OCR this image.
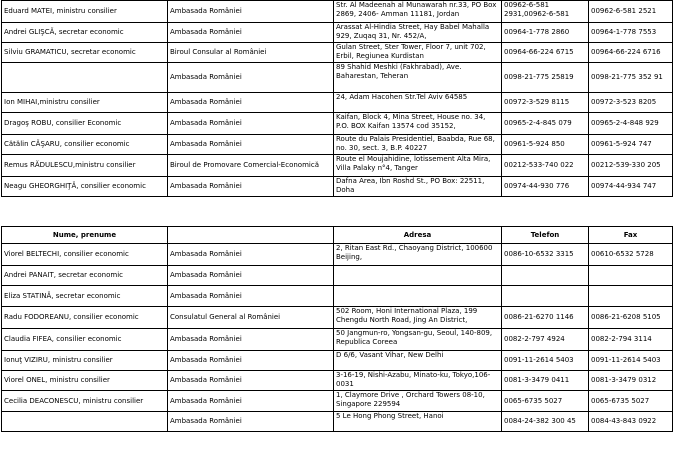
Eduard MATEI, ministru consilier	Ambasada României	Str. Al Madeenah al Munawarah nr.33, PO Box 2869, 2406- Amman 11181, Jordan	00962-6-581 2931,00962-6-581	00962-6-581 2521
Andrei GLIŞCĂ, secretar economic	Ambasada României	Arassat Al-Hindia Street, Hay Babel Mahalla 929, Zuqaq 31, Nr. 452/A,	00964-1-778 2860	00964-1-778 7553
Silviu GRAMATICU, secretar economic	Biroul Consular al României	Gulan Street, Ster Tower, Floor 7, unit 702, Erbil, Regiunea Kurdistan	00964-66-224 6715	00964-66-224 6716
	Ambasada României	89 Shahid Meshki (Fakhrabad), Ave. Baharestan, Teheran	0098-21-775 25819	0098-21-775 352 91
Ion MIHAI,ministru consilier	Ambasada României	24, Adam Hacohen Str.Tel Aviv 64585	00972-3-529 8115	00972-3-523 8205
Dragoş ROBU, consilier Economic	Ambasada României	Kaifan, Block 4, Mina Street, House no. 34, P.O. BOX Kaifan 13574 cod 35152,	00965-2-4-845 079	00965-2-4-848 929
Cătălin CĂŞARU, consilier economic	Ambasada României	Route du Palais Presidentiel, Baabda, Rue 68, no. 30, sect. 3, B.P. 40227	00961-5-924 850	00961-5-924 747
Remus RĂDULESCU,ministru consilier	Biroul de Promovare Comercial-Economică	Route el Moujahidine, lotissement Alta Mira, Villa Palaky n°4, Tanger	00212-533-740 022	00212-539-330 205
Neagu GHEORGHIŢĂ, consilier economic	Ambasada României	Dafna Area, Ibn Roshd St., PO Box: 22511, Doha	00974-44-930 776	00974-44-934 747
Nume, prenume		Adresa	Telefon	Fax
Viorel BELTECHI, consilier economic	Ambasada României	2, Ritan East Rd., Chaoyang District, 100600 Beijing,	0086-10-6532 3315	00610-6532 5728
Andrei PANAIT, secretar economic	Ambasada României			
Eliza STATINĂ, secretar economic	Ambasada României			
Radu FODOREANU, consilier economic	Consulatul General al României	502 Room, Honi International Plaza, 199 Chengdu North Road, Jing An District,	0086-21-6270 1146	0086-21-6208 5105
Claudia FIFEA, consilier economic	Ambasada României	50 Jangmun-ro, Yongsan-gu, Seoul, 140-809, Republica Coreea	0082-2-797 4924	0082-2-794 3114
Ionuţ VIZIRU, ministru consilier	Ambasada României	D 6/6, Vasant Vihar, New Delhi	0091-11-2614 5403	0091-11-2614 5403
Viorel ONEL, ministru consilier	Ambasada României	3-16-19, Nishi-Azabu, Minato-ku, Tokyo,106-0031	0081-3-3479 0411	0081-3-3479 0312
Cecilia DEACONESCU, ministru consilier	Ambasada României	1, Claymore Drive , Orchard Towers 08-10, Singapore 229594	0065-6735 5027	0065-6735 5027
	Ambasada României	5 Le Hong Phong Street, Hanoi	0084-24-382 300 45	0084-43-843 0922
